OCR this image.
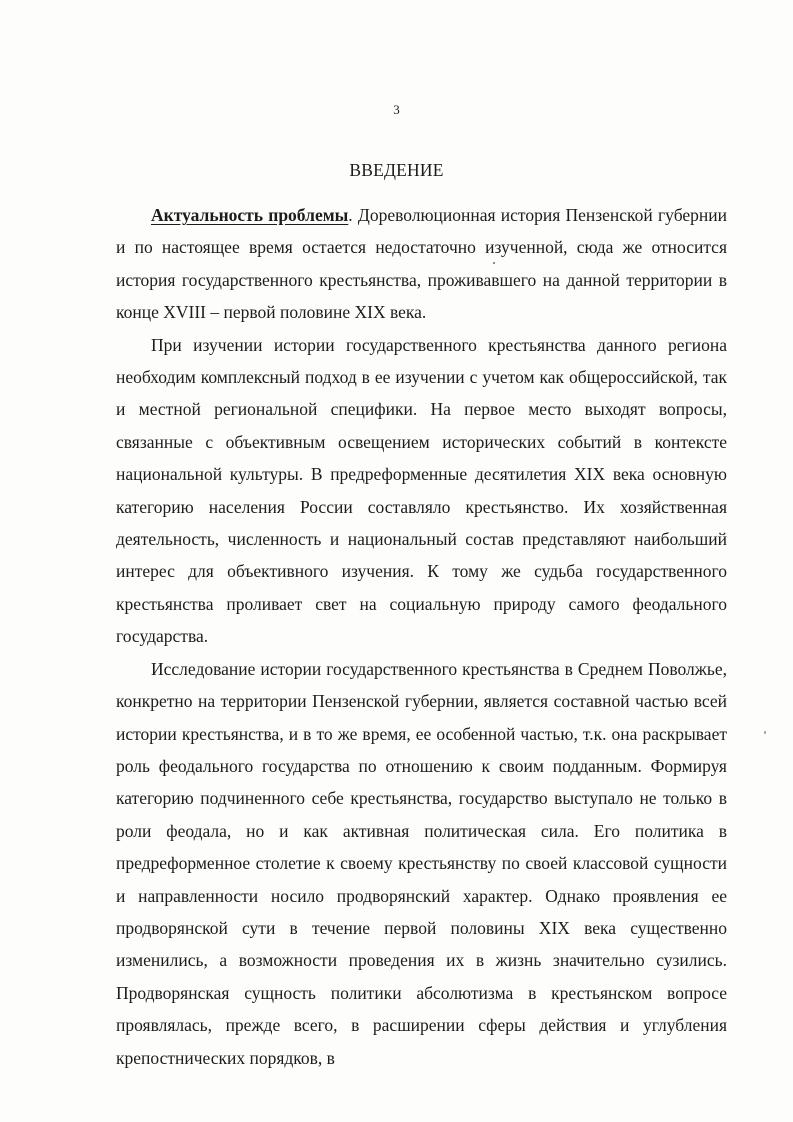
3
ВВЕДЕНИЕ

Актуальность проблемы. Дореволюционная история Пензенской губернии и по настоящее время остается недостаточно изученной, сюда же относится история государственного крестьянства, проживавшего на данной территории в конце XVIII – первой половине XIX века.

При изучении истории государственного крестьянства данного региона необходим комплексный подход в ее изучении с учетом как общероссийской, так и местной региональной специфики. На первое место выходят вопросы, связанные с объективным освещением исторических событий в контексте национальной культуры. В предреформенные десятилетия XIX века основную категорию населения России составляло крестьянство. Их хозяйственная деятельность, численность и национальный состав представляют наибольший интерес для объективного изучения. К тому же судьба государственного крестьянства проливает свет на социальную природу самого феодального государства.

Исследование истории государственного крестьянства в Среднем Поволжье, конкретно на территории Пензенской губернии, является составной частью всей истории крестьянства, и в то же время, ее особенной частью, т.к. она раскрывает роль феодального государства по отношению к своим подданным. Формируя категорию подчиненного себе крестьянства, государство выступало не только в роли феодала, но и как активная политическая сила. Его политика в предреформенное столетие к своему крестьянству по своей классовой сущности и направленности носило продворянский характер. Однако проявления ее продворянской сути в течение первой половины XIX века существенно изменились, а возможности проведения их в жизнь значительно сузились. Продворянская сущность политики абсолютизма в крестьянском вопросе проявлялась, прежде всего, в расширении сферы действия и углубления крепостнических порядков, в
